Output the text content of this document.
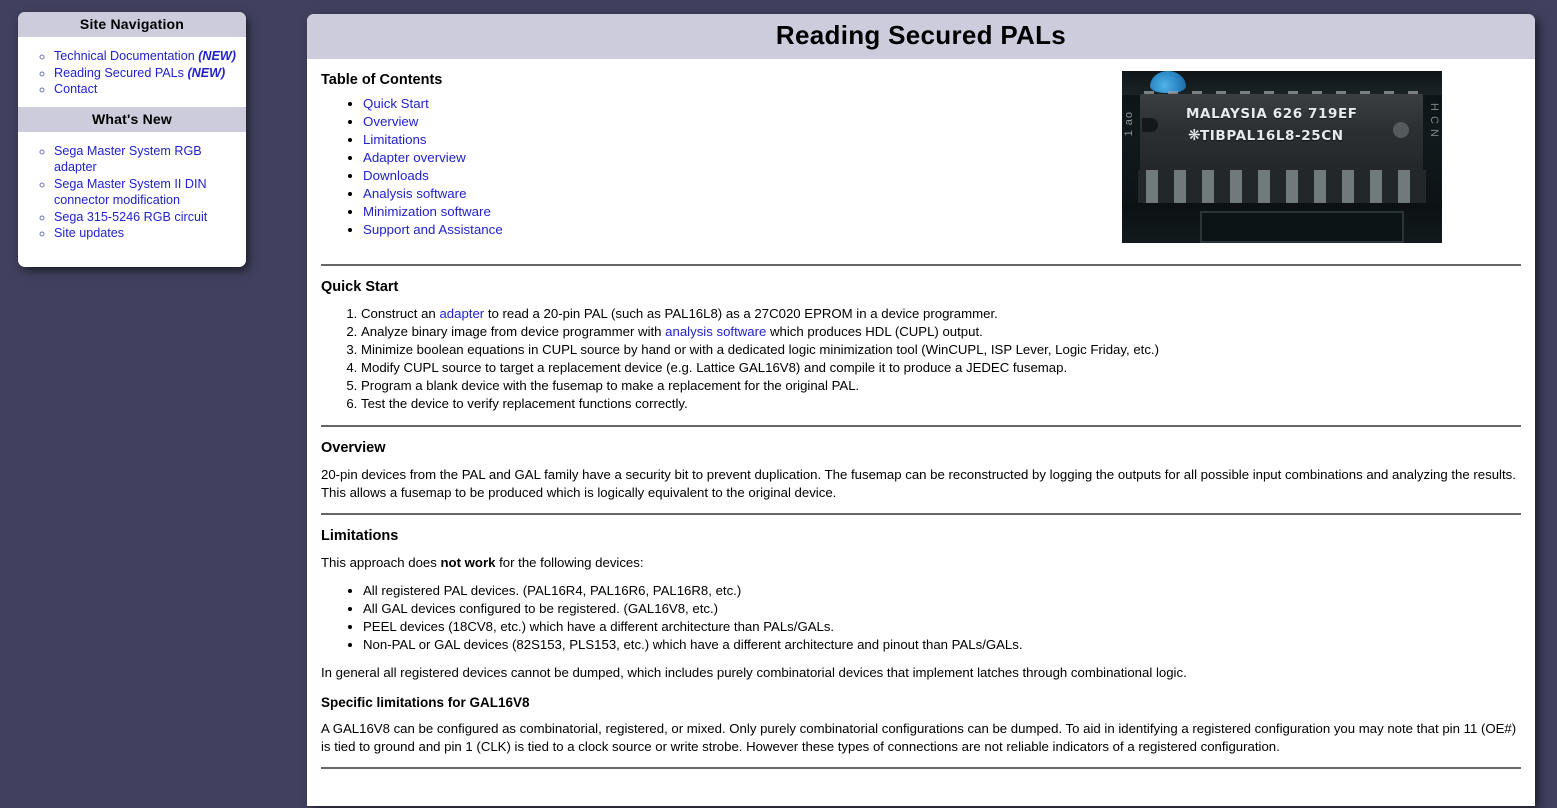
Site Navigation
◦ Technical Documentation (NEW)
◦ Reading Secured PALs (NEW)
◦ Contact
What's New
◦ Sega Master System RGB adapter
◦ Sega Master System II DIN connector modification
◦ Sega 315-5246 RGB circuit
◦ Site updates
Reading Secured PALs
Table of Contents
• Quick Start
• Overview
• Limitations
• Adapter overview
• Downloads
• Analysis software
• Minimization software
• Support and Assistance
1 ao	H C N
❋
MALAYSIA 626 719EF
TIBPAL16L8-25CN
Quick Start
1. Construct an adapter to read a 20-pin PAL (such as PAL16L8) as a 27C020 EPROM in a device programmer.
2. Analyze binary image from device programmer with analysis software which produces HDL (CUPL) output.
3. Minimize boolean equations in CUPL source by hand or with a dedicated logic minimization tool (WinCUPL, ISP Lever, Logic Friday, etc.)
4. Modify CUPL source to target a replacement device (e.g. Lattice GAL16V8) and compile it to produce a JEDEC fusemap.
5. Program a blank device with the fusemap to make a replacement for the original PAL.
6. Test the device to verify replacement functions correctly.
Overview

20-pin devices from the PAL and GAL family have a security bit to prevent duplication. The fusemap can be reconstructed by logging the outputs for all possible input combinations and analyzing the results. This allows a fusemap to be produced which is logically equivalent to the original device.

Limitations

This approach does not work for the following devices:

• All registered PAL devices. (PAL16R4, PAL16R6, PAL16R8, etc.)
• All GAL devices configured to be registered. (GAL16V8, etc.)
• PEEL devices (18CV8, etc.) which have a different architecture than PALs/GALs.
• Non-PAL or GAL devices (82S153, PLS153, etc.) which have a different architecture and pinout than PALs/GALs.

In general all registered devices cannot be dumped, which includes purely combinatorial devices that implement latches through combinational logic.

Specific limitations for GAL16V8

A GAL16V8 can be configured as combinatorial, registered, or mixed. Only purely combinatorial configurations can be dumped. To aid in identifying a registered configuration you may note that pin 11 (OE#) is tied to ground and pin 1 (CLK) is tied to a clock source or write strobe. However these types of connections are not reliable indicators of a registered configuration.
